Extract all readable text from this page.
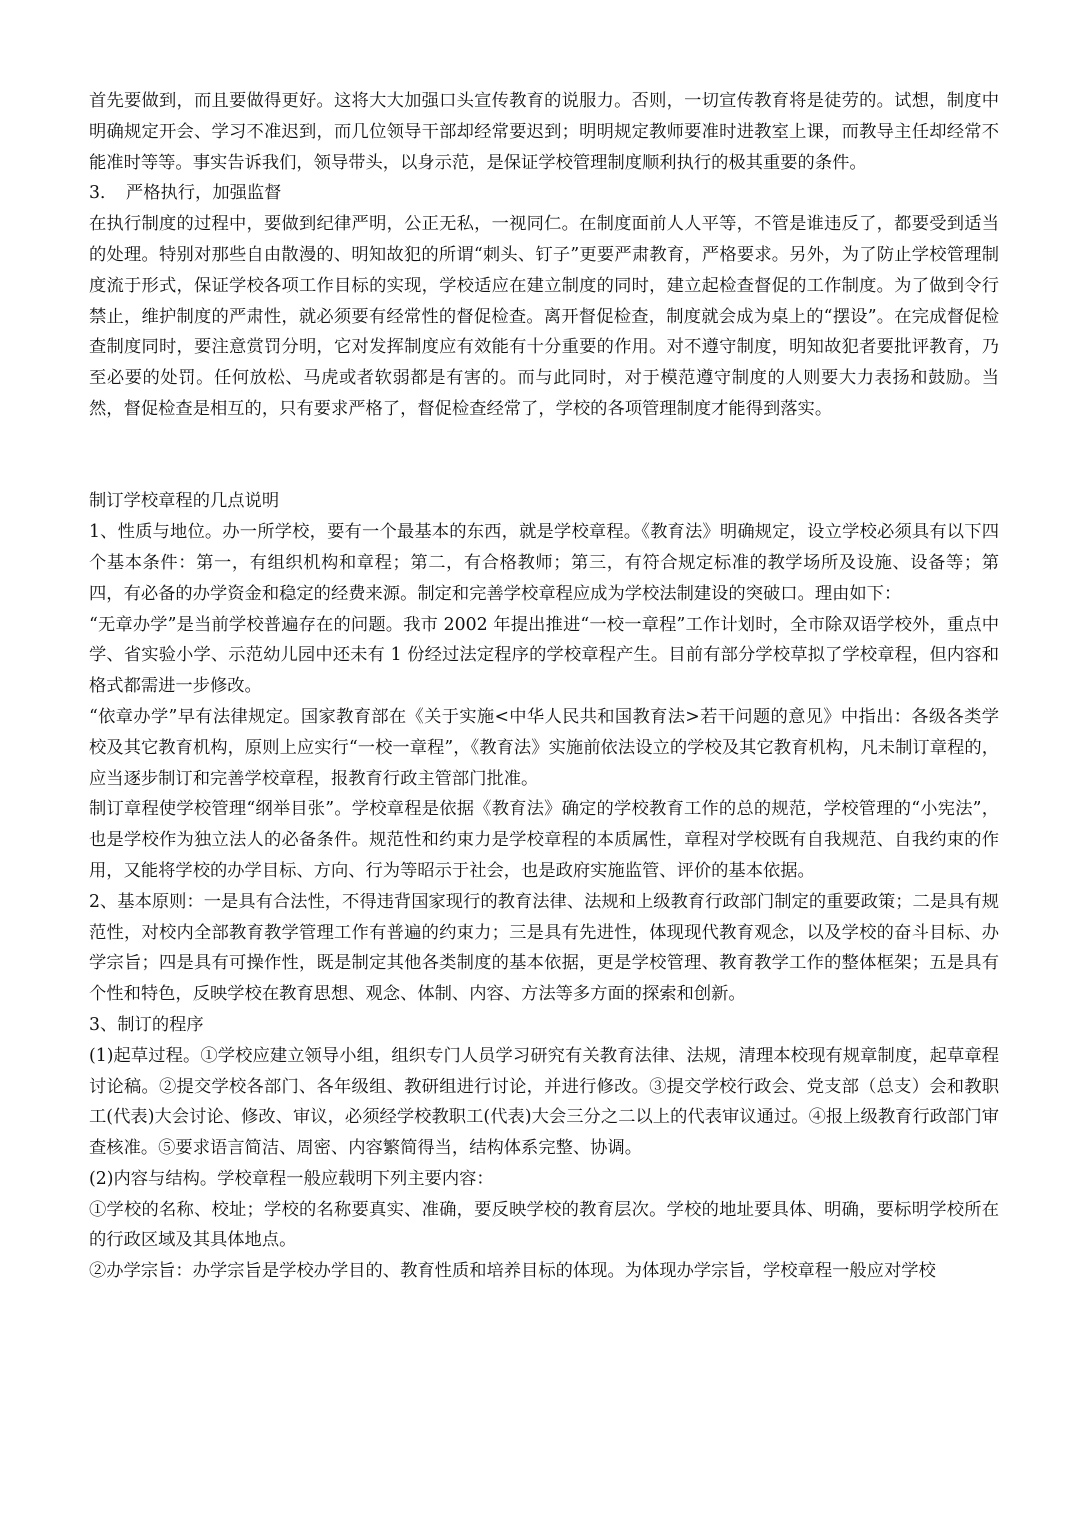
首先要做到，而且要做得更好。这将大大加强口头宣传教育的说服力。否则，一切宣传教育将是徒劳的。试想，制度中明确规定开会、学习不准迟到，而几位领导干部却经常要迟到；明明规定教师要准时进教室上课，而教导主任却经常不能准时等等。事实告诉我们，领导带头，以身示范，是保证学校管理制度顺利执行的极其重要的条件。

3．　严格执行，加强监督

在执行制度的过程中，要做到纪律严明，公正无私，一视同仁。在制度面前人人平等，不管是谁违反了，都要受到适当的处理。特别对那些自由散漫的、明知故犯的所谓“刺头、钉子”更要严肃教育，严格要求。另外，为了防止学校管理制度流于形式，保证学校各项工作目标的实现，学校适应在建立制度的同时，建立起检查督促的工作制度。为了做到令行禁止，维护制度的严肃性，就必须要有经常性的督促检查。离开督促检查，制度就会成为桌上的“摆设”。在完成督促检查制度同时，要注意赏罚分明，它对发挥制度应有效能有十分重要的作用。对不遵守制度，明知故犯者要批评教育，乃至必要的处罚。任何放松、马虎或者软弱都是有害的。而与此同时，对于模范遵守制度的人则要大力表扬和鼓励。当然，督促检查是相互的，只有要求严格了，督促检查经常了，学校的各项管理制度才能得到落实。

制订学校章程的几点说明

1、性质与地位。办一所学校，要有一个最基本的东西，就是学校章程。《教育法》明确规定，设立学校必须具有以下四个基本条件：第一，有组织机构和章程；第二，有合格教师；第三，有符合规定标准的教学场所及设施、设备等；第四，有必备的办学资金和稳定的经费来源。制定和完善学校章程应成为学校法制建设的突破口。理由如下：

“无章办学”是当前学校普遍存在的问题。我市 2002 年提出推进“一校一章程”工作计划时，全市除双语学校外，重点中学、省实验小学、示范幼儿园中还未有 1 份经过法定程序的学校章程产生。目前有部分学校草拟了学校章程，但内容和格式都需进一步修改。

“依章办学”早有法律规定。国家教育部在《关于实施<中华人民共和国教育法>若干问题的意见》中指出：各级各类学校及其它教育机构，原则上应实行“一校一章程”，《教育法》实施前依法设立的学校及其它教育机构，凡未制订章程的，应当逐步制订和完善学校章程，报教育行政主管部门批准。

制订章程使学校管理“纲举目张”。学校章程是依据《教育法》确定的学校教育工作的总的规范，学校管理的“小宪法”，也是学校作为独立法人的必备条件。规范性和约束力是学校章程的本质属性，章程对学校既有自我规范、自我约束的作用，又能将学校的办学目标、方向、行为等昭示于社会，也是政府实施监管、评价的基本依据。

2、基本原则：一是具有合法性，不得违背国家现行的教育法律、法规和上级教育行政部门制定的重要政策；二是具有规范性，对校内全部教育教学管理工作有普遍的约束力；三是具有先进性，体现现代教育观念，以及学校的奋斗目标、办学宗旨；四是具有可操作性，既是制定其他各类制度的基本依据，更是学校管理、教育教学工作的整体框架；五是具有个性和特色，反映学校在教育思想、观念、体制、内容、方法等多方面的探索和创新。

3、制订的程序

(1)起草过程。①学校应建立领导小组，组织专门人员学习研究有关教育法律、法规，清理本校现有规章制度，起草章程讨论稿。②提交学校各部门、各年级组、教研组进行讨论，并进行修改。③提交学校行政会、党支部（总支）会和教职工(代表)大会讨论、修改、审议，必须经学校教职工(代表)大会三分之二以上的代表审议通过。④报上级教育行政部门审查核准。⑤要求语言简洁、周密、内容繁简得当，结构体系完整、协调。

(2)内容与结构。学校章程一般应载明下列主要内容：

①学校的名称、校址；学校的名称要真实、准确，要反映学校的教育层次。学校的地址要具体、明确，要标明学校所在的行政区域及其具体地点。

②办学宗旨：办学宗旨是学校办学目的、教育性质和培养目标的体现。为体现办学宗旨，学校章程一般应对学校
